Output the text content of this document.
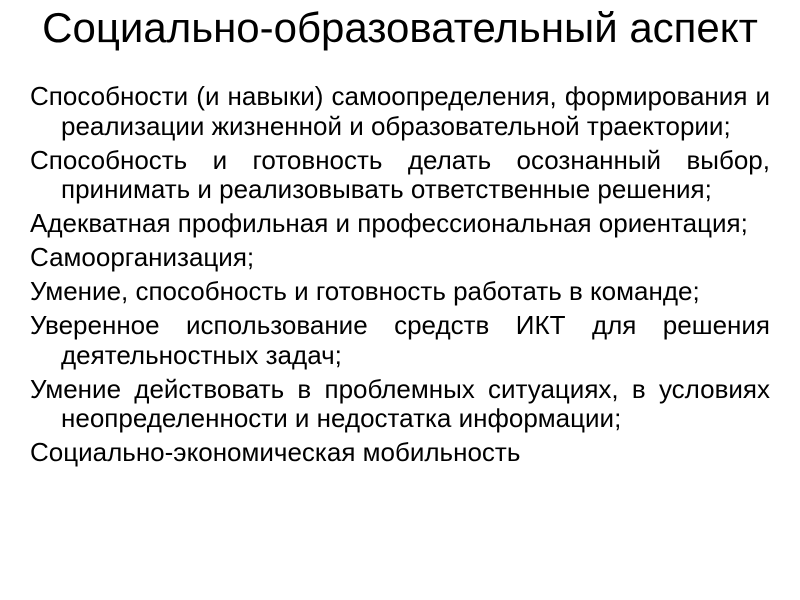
Социально-образовательный аспект
Способности (и навыки) самоопределения, формирования и реализации жизненной и образовательной траектории;
Способность и готовность делать осознанный выбор, принимать и реализовывать ответственные решения;
Адекватная профильная и профессиональная ориентация;
Самоорганизация;
Умение, способность и готовность работать в команде;
Уверенное использование средств ИКТ для решения деятельностных задач;
Умение действовать в проблемных ситуациях, в условиях неопределенности и недостатка информации;
Социально-экономическая мобильность
